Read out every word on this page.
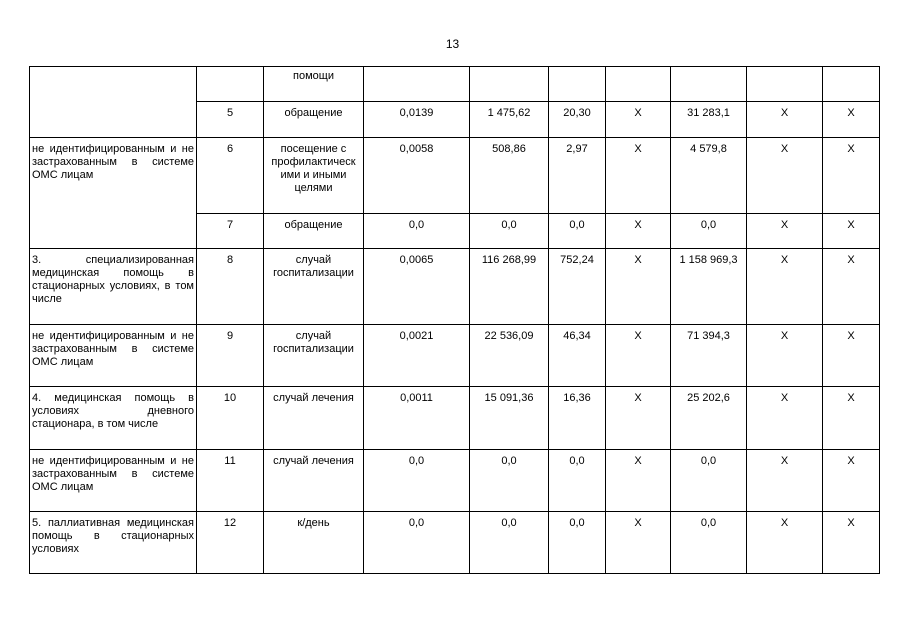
13
		помощи							
	5	обращение	0,0139	1 475,62	20,30	X	31 283,1	X	X
не идентифицированным и не застрахованным в системе ОМС лицам	6	посещение с профилактическ ими и иными целями	0,0058	508,86	2,97	X	4 579,8	X	X
	7	обращение	0,0	0,0	0,0	X	0,0	X	X
3. специализированная медицинская помощь в стационарных условиях, в том числе	8	случай госпитализации	0,0065	116 268,99	752,24	X	1 158 969,3	X	X
не идентифицированным и не застрахованным в системе ОМС лицам	9	случай госпитализации	0,0021	22 536,09	46,34	X	71 394,3	X	X
4. медицинская помощь в условиях дневного стационара, в том числе	10	случай лечения	0,0011	15 091,36	16,36	X	25 202,6	X	X
не идентифицированным и не застрахованным в системе ОМС лицам	11	случай лечения	0,0	0,0	0,0	X	0,0	X	X
5. паллиативная медицинская помощь в стационарных условиях	12	к/день	0,0	0,0	0,0	X	0,0	X	X
